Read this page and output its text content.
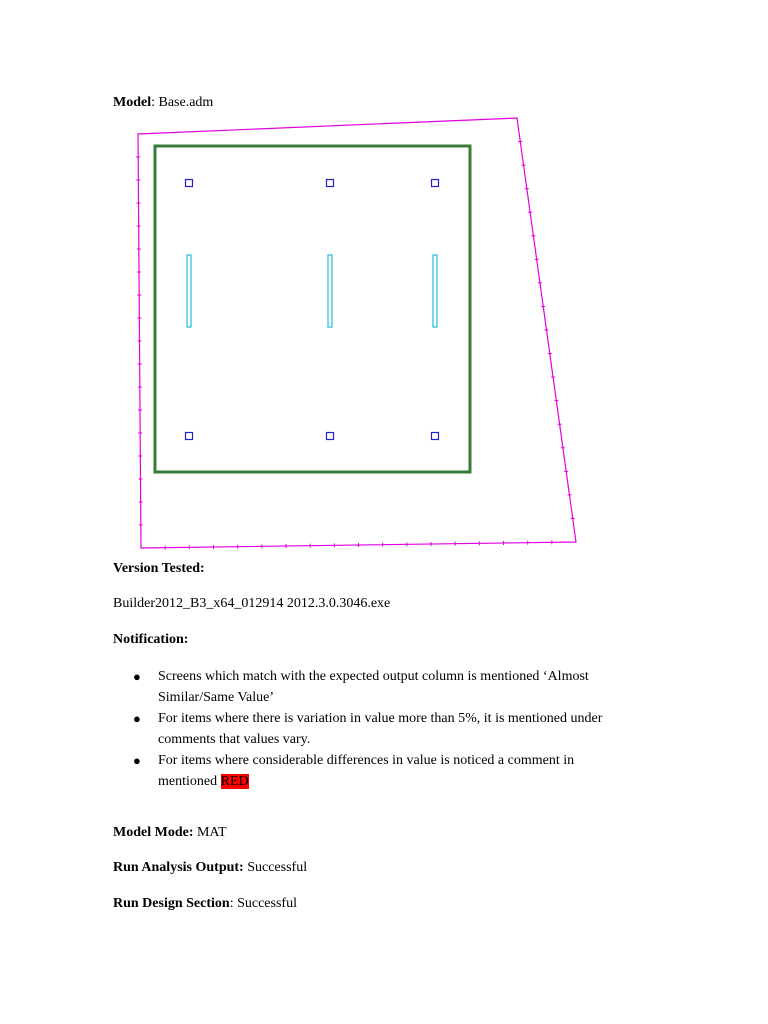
Model: Base.adm
Version Tested:
Builder2012_B3_x64_012914 2012.3.0.3046.exe
Notification:
● Screens which match with the expected output column is mentioned ‘Almost
Similar/Same Value’
● For items where there is variation in value more than 5%, it is mentioned under
comments that values vary.
● For items where considerable differences in value is noticed a comment in
mentioned RED
Model Mode: MAT
Run Analysis Output: Successful
Run Design Section: Successful
